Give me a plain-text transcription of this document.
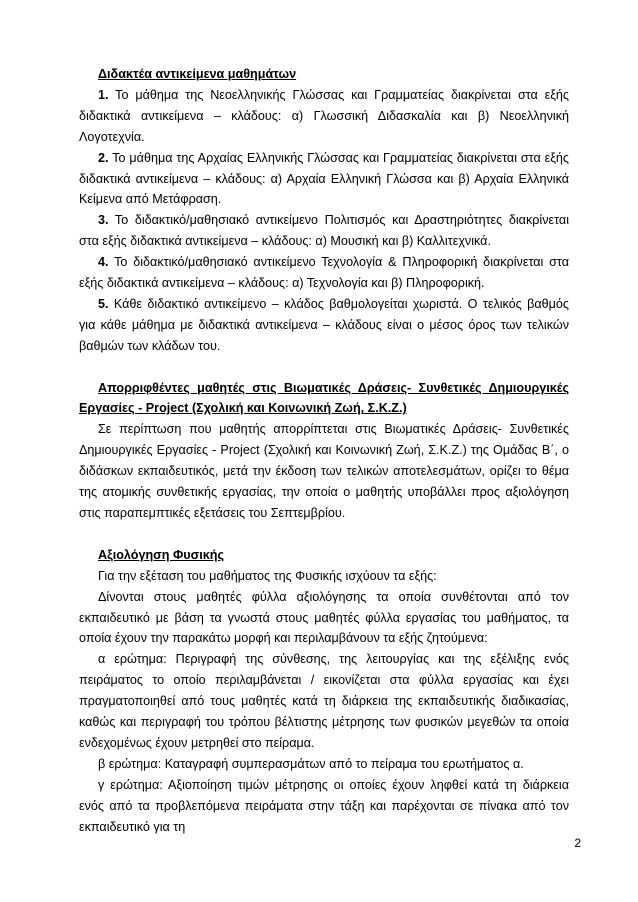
Διδακτέα αντικείμενα μαθημάτων

1. Το μάθημα της Νεοελληνικής Γλώσσας και Γραμματείας διακρίνεται στα εξής διδακτικά αντικείμενα – κλάδους: α) Γλωσσική Διδασκαλία και β) Νεοελληνική Λογοτεχνία.

2. Το μάθημα της Αρχαίας Ελληνικής Γλώσσας και Γραμματείας διακρίνεται στα εξής διδακτικά αντικείμενα – κλάδους: α) Αρχαία Ελληνική Γλώσσα και β) Αρχαία Ελληνικά Κείμενα από Μετάφραση.

3. Το διδακτικό/μαθησιακό αντικείμενο Πολιτισμός και Δραστηριότητες διακρίνεται στα εξής διδακτικά αντικείμενα – κλάδους: α) Μουσική και β) Καλλιτεχνικά.

4. Το διδακτικό/μαθησιακό αντικείμενο Τεχνολογία & Πληροφορική διακρίνεται στα εξής διδακτικά αντικείμενα – κλάδους: α) Τεχνολογία και β) Πληροφορική.

5. Κάθε διδακτικό αντικείμενο – κλάδος βαθμολογείται χωριστά. Ο τελικός βαθμός για κάθε μάθημα με διδακτικά αντικείμενα – κλάδους είναι ο μέσος όρος των τελικών βαθμών των κλάδων του.

Απορριφθέντες μαθητές στις Βιωματικές Δράσεις- Συνθετικές Δημιουργικές Εργασίες - Project (Σχολική και Κοινωνική Ζωή, Σ.Κ.Ζ.)

Σε περίπτωση που μαθητής απορρίπτεται στις Βιωματικές Δράσεις- Συνθετικές Δημιουργικές Εργασίες - Project (Σχολική και Κοινωνική Ζωή, Σ.Κ.Ζ.) της Ομάδας Β΄, ο διδάσκων εκπαιδευτικός, μετά την έκδοση των τελικών αποτελεσμάτων, ορίζει το θέμα της ατομικής συνθετικής εργασίας, την οποία ο μαθητής υποβάλλει προς αξιολόγηση στις παραπεμπτικές εξετάσεις του Σεπτεμβρίου.

Αξιολόγηση Φυσικής

Για την εξέταση του μαθήματος της Φυσικής ισχύουν τα εξής:

Δίνονται στους μαθητές φύλλα αξιολόγησης τα οποία συνθέτονται από τον εκπαιδευτικό με βάση τα γνωστά στους μαθητές φύλλα εργασίας του μαθήματος, τα οποία έχουν την παρακάτω μορφή και περιλαμβάνουν τα εξής ζητούμενα:

α ερώτημα: Περιγραφή της σύνθεσης, της λειτουργίας και της εξέλιξης ενός πειράματος το οποίο περιλαμβάνεται / εικονίζεται στα φύλλα εργασίας και έχει πραγματοποιηθεί από τους μαθητές κατά τη διάρκεια της εκπαιδευτικής διαδικασίας, καθώς και περιγραφή του τρόπου βέλτιστης μέτρησης των φυσικών μεγεθών τα οποία ενδεχομένως έχουν μετρηθεί στο πείραμα.

β ερώτημα: Καταγραφή συμπερασμάτων από το πείραμα του ερωτήματος α.

γ ερώτημα: Αξιοποίηση τιμών μέτρησης οι οποίες έχουν ληφθεί κατά τη διάρκεια ενός από τα προβλεπόμενα πειράματα στην τάξη και παρέχονται σε πίνακα από τον εκπαιδευτικό για τη

2
